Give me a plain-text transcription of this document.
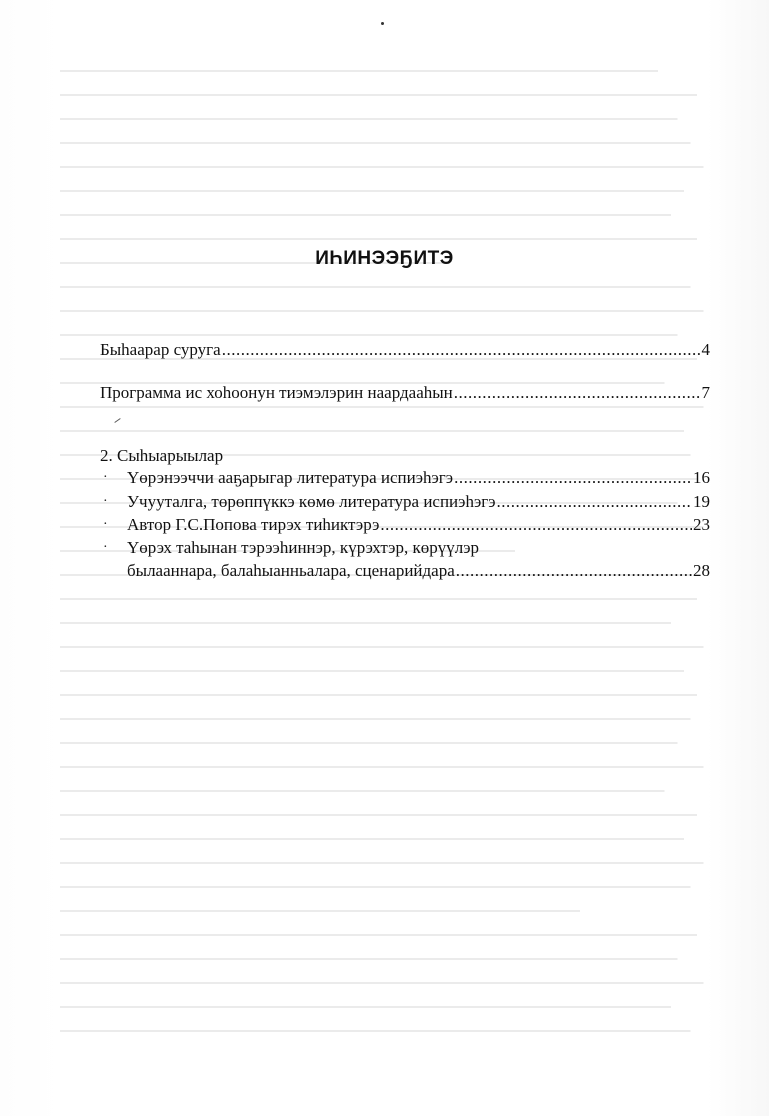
ИҺИНЭЭҔИТЭ
Быһаарар суруга .....	4
Программа ис хоһоонун тиэмэлэрин наардааһын .....	7
2. Сыһыарыылар
· Үөрэнээччи ааҕарыгар литература испиэһэгэ .....	16
· Учууталга, төрөппүккэ көмө литература испиэһэгэ .....	19
· Автор Г.С.Попова тирэх тиһиктэрэ .....	23
· Үөрэх таһынан тэрээһиннэр, күрэхтэр, көрүүлэр
былааннара, балаһыанньалара, сценарийдара .....	28
